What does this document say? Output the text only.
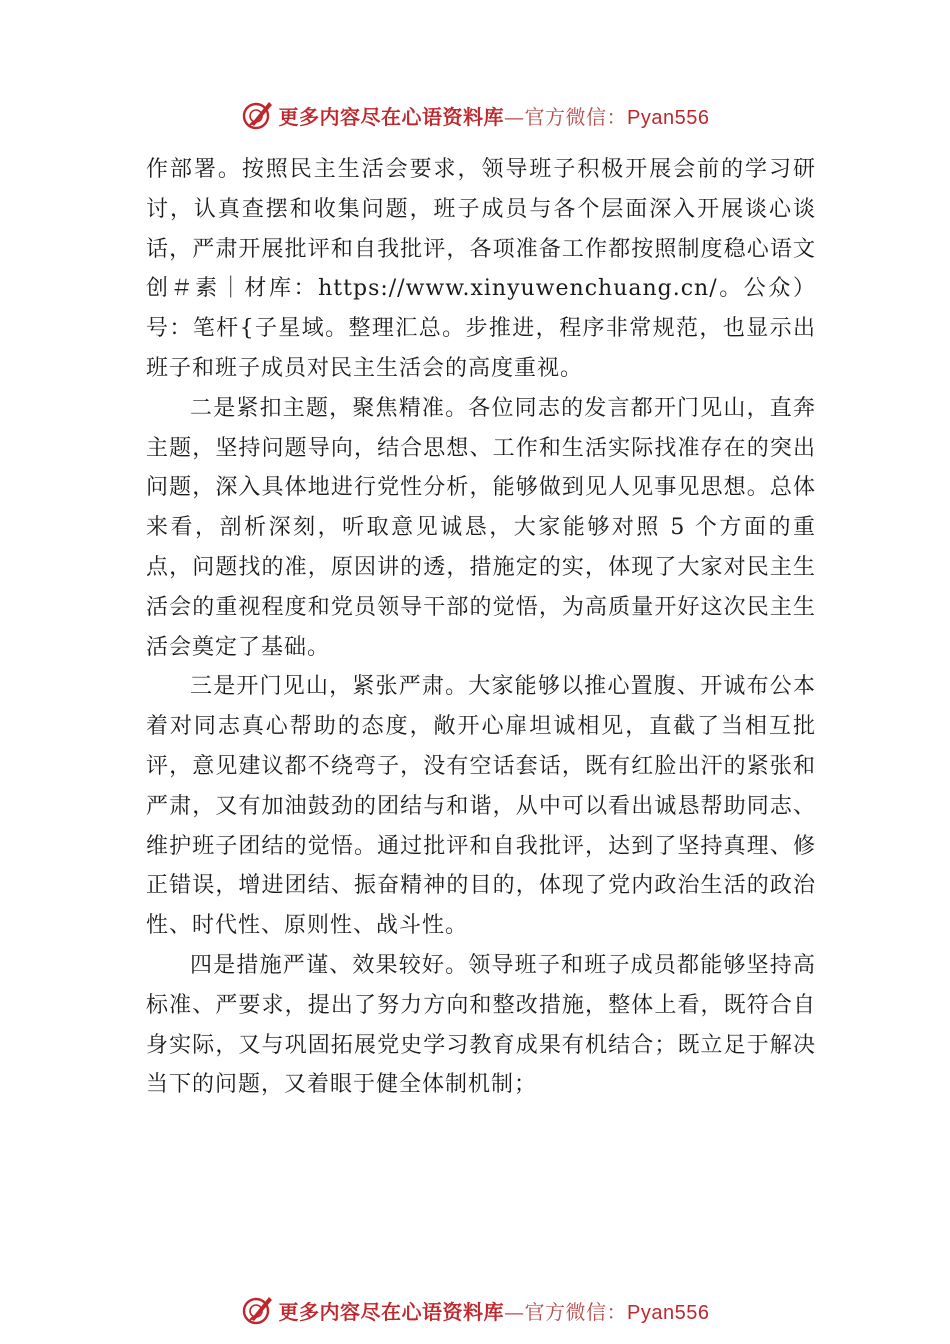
更多内容尽在心语资料库—官方微信：Pyan556

作部署。按照民主生活会要求，领导班子积极开展会前的学习研讨，认真查摆和收集问题，班子成员与各个层面深入开展谈心谈话，严肃开展批评和自我批评，各项准备工作都按照制度稳心语文创＃素｜材库：https://www.xinyuwenchuang.cn/。公众）号：笔杆{子星域。整理汇总。步推进，程序非常规范，也显示出班子和班子成员对民主生活会的高度重视。

二是紧扣主题，聚焦精准。各位同志的发言都开门见山，直奔主题，坚持问题导向，结合思想、工作和生活实际找准存在的突出问题，深入具体地进行党性分析，能够做到见人见事见思想。总体来看，剖析深刻，听取意见诚恳，大家能够对照 5 个方面的重点，问题找的准，原因讲的透，措施定的实，体现了大家对民主生活会的重视程度和党员领导干部的觉悟，为高质量开好这次民主生活会奠定了基础。

三是开门见山，紧张严肃。大家能够以推心置腹、开诚布公本着对同志真心帮助的态度，敞开心扉坦诚相见，直截了当相互批评，意见建议都不绕弯子，没有空话套话，既有红脸出汗的紧张和严肃，又有加油鼓劲的团结与和谐，从中可以看出诚恳帮助同志、维护班子团结的觉悟。通过批评和自我批评，达到了坚持真理、修正错误，增进团结、振奋精神的目的，体现了党内政治生活的政治性、时代性、原则性、战斗性。

四是措施严谨、效果较好。领导班子和班子成员都能够坚持高标准、严要求，提出了努力方向和整改措施，整体上看，既符合自身实际，又与巩固拓展党史学习教育成果有机结合；既立足于解决当下的问题，又着眼于健全体制机制；

更多内容尽在心语资料库—官方微信：Pyan556
